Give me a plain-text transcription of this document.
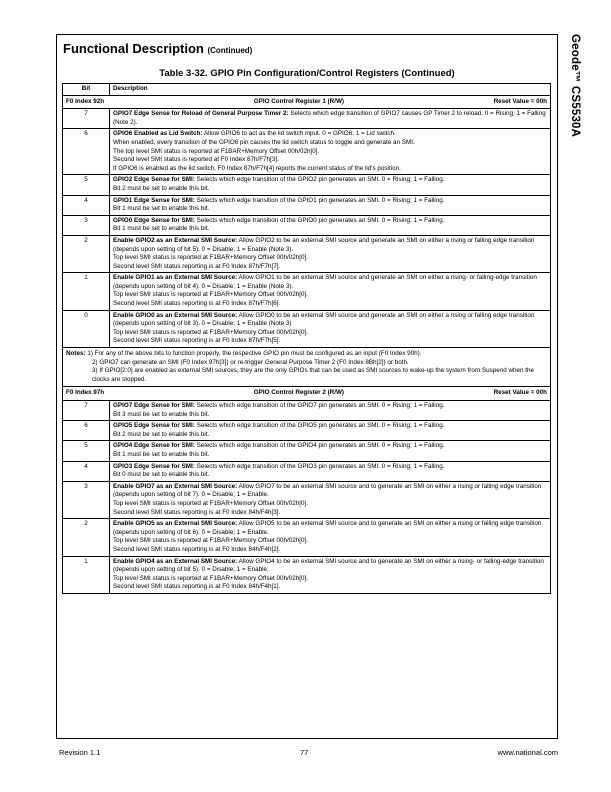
Geode™ CS5530A
Functional Description (Continued)
Table 3-32. GPIO Pin Configuration/Control Registers (Continued)
Bit	Description

F0 Index 92h GPIO Control Register 1 (R/W) Reset Value = 00h	

7	GPIO7 Edge Sense for Reload of General Purpose Timer 2: Selects which edge transition of GPIO7 causes GP Timer 2 to reload. 0 = Rising; 1 = Falling (Note 2).
6	GPIO6 Enabled as Lid Switch: Allow GPIO6 to act as the lid switch input. 0 = GPIO6; 1 = Lid switch.
When enabled, every transition of the GPIO6 pin causes the lid switch status to toggle and generate an SMI.
The top level SMI status is reported at F1BAR+Memory Offset 00h/02h[0].
Second level SMI status is reported at F0 Index 87h/F7h[3].
If GPIO6 is enabled as the lid switch, F0 Index 87h/F7h[4] reports the current status of the lid's position.

5	GPIO2 Edge Sense for SMI: Selects which edge transition of the GPIO2 pin generates an SMI. 0 = Rising; 1 = Falling.
Bit 2 must be set to enable this bit.

4	GPIO1 Edge Sense for SMI: Selects which edge transition of the GPIO1 pin generates an SMI. 0 = Rising; 1 = Falling.
Bit 1 must be set to enable this bit.

3	GPIO0 Edge Sense for SMI: Selects which edge transition of the GPIO0 pin generates an SMI. 0 = Rising; 1 = Falling.
Bit 1 must be set to enable this bit.

2	Enable GPIO2 as an External SMI Source: Allow GPIO2 to be an external SMI source and generate an SMI on either a rising or falling edge transition (depends upon setting of bit 5). 0 = Disable; 1 = Enable (Note 3).
Top level SMI status is reported at F1BAR+Memory Offset 00h/02h[0].
Second level SMI status reporting is at F0 Index 87h/F7h[7].

1	Enable GPIO1 as an External SMI Source: Allow GPIO1 to be an external SMI source and generate an SMI on either a rising- or falling-edge transition (depends upon setting of bit 4). 0 = Disable; 1 = Enable (Note 3).
Top level SMI status is reported at F1BAR+Memory Offset 00h/02h[0].
Second level SMI status reporting is at F0 Index 87h/F7h[6].

0	Enable GPIO0 as an External SMI Source: Allow GPIO0 to be an external SMI source and generate an SMI on either a rising or falling edge transition (depends upon setting of bit 3). 0 = Disable; 1 = Enable (Note 3)
Top level SMI status is reported at F1BAR+Memory Offset 00h/02h[0].
Second level SMI status reporting is at F0 Index 87h/F7h[5].

Notes: 1) For any of the above bits to function properly, the respective GPIO pin must be configured as an input (F0 Index 90h).
2) GPIO7 can generate an SMI (F0 Index 97h[3]) or re-trigger General Purpose Timer 2 (F0 Index 8Bh[2]) or both.
3) If GPIO[2:0] are enabled as external SMI sources, they are the only GPIOs that can be used as SMI sources to wake-up the system from Suspend when the clocks are stopped.	

F0 Index 97h GPIO Control Register 2 (R/W) Reset Value = 00h	

7	GPIO7 Edge Sense for SMI: Selects which edge transition of the GPIO7 pin generates an SMI. 0 = Rising; 1 = Falling.
Bit 3 must be set to enable this bit.

6	GPIO5 Edge Sense for SMI: Selects which edge transition of the GPIO5 pin generates an SMI. 0 = Rising; 1 = Falling.
Bit 2 must be set to enable this bit.

5	GPIO4 Edge Sense for SMI: Selects which edge transition of the GPIO4 pin generates an SMI. 0 = Rising; 1 = Falling.
Bit 1 must be set to enable this bit.

4	GPIO3 Edge Sense for SMI: Selects which edge transition of the GPIO3 pin generates an SMI. 0 = Rising; 1 = Falling.
Bit 0 must be set to enable this bit.

3	Enable GPIO7 as an External SMI Source: Allow GPIO7 to be an external SMI source and to generate an SMI on either a rising or falling edge transition (depends upon setting of bit 7). 0 = Disable; 1 = Enable.
Top level SMI status is reported at F1BAR+Memory Offset 00h/02h[0].
Second level SMI status reporting is at F0 Index 84h/F4h[3].

2	Enable GPIO5 as an External SMI Source: Allow GPIO5 to be an external SMI source and to generate an SMI on either a rising or falling edge transition (depends upon setting of bit 6). 0 = Disable; 1 = Enable.
Top level SMI status is reported at F1BAR+Memory Offset 00h/02h[0].
Second level SMI status reporting is at F0 Index 84h/F4h[2].

1	Enable GPIO4 as an External SMI Source: Allow GPIO4 to be an external SMI source and to generate an SMI on either a rising- or falling-edge transition (depends upon setting of bit 5). 0 = Disable; 1 = Enable.
Top level SMI status is reported at F1BAR+Memory Offset 00h/02h[0].
Second level SMI status reporting is at F0 Index 84h/F4h[1].
Revision 1.1	77	www.national.com
